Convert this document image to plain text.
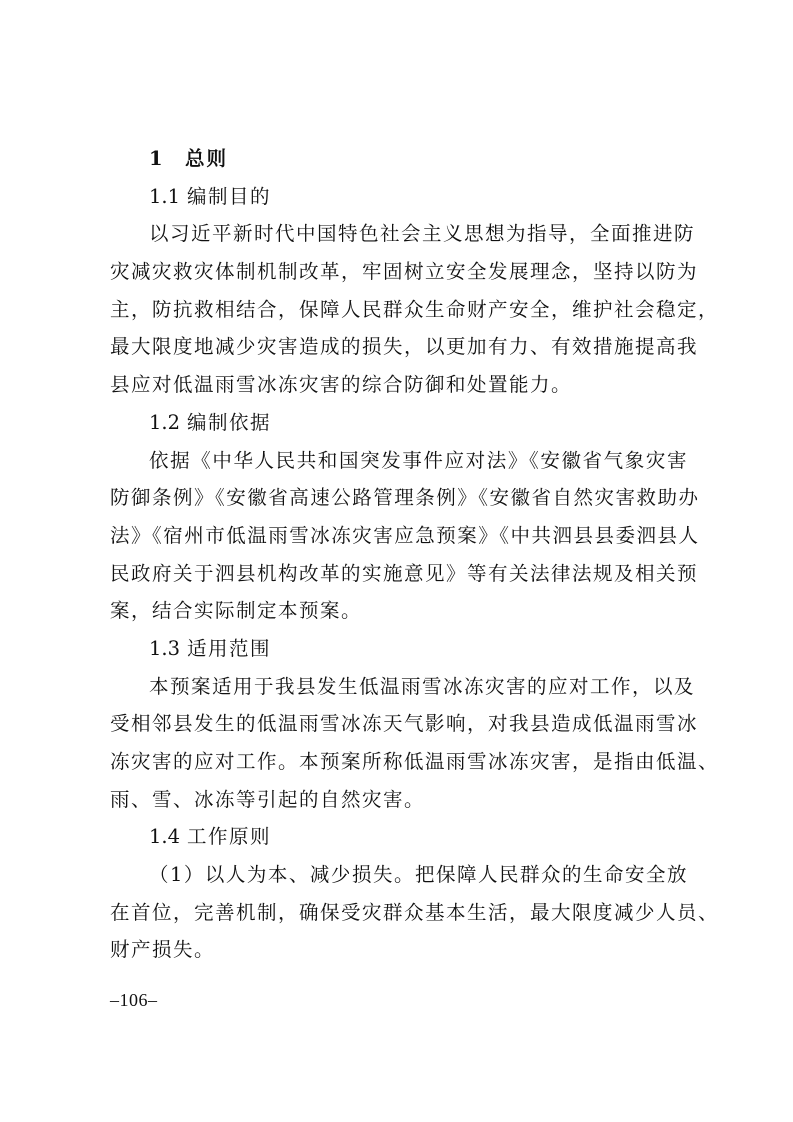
1 总则
1.1 编制目的
以习近平新时代中国特色社会主义思想为指导，全面推进防
灾减灾救灾体制机制改革，牢固树立安全发展理念，坚持以防为
主，防抗救相结合，保障人民群众生命财产安全，维护社会稳定，
最大限度地减少灾害造成的损失，以更加有力、有效措施提高我
县应对低温雨雪冰冻灾害的综合防御和处置能力。
1.2 编制依据
依据《中华人民共和国突发事件应对法》《安徽省气象灾害
防御条例》《安徽省高速公路管理条例》《安徽省自然灾害救助办
法》《宿州市低温雨雪冰冻灾害应急预案》《中共泗县县委泗县人
民政府关于泗县机构改革的实施意见》等有关法律法规及相关预
案，结合实际制定本预案。
1.3 适用范围
本预案适用于我县发生低温雨雪冰冻灾害的应对工作，以及
受相邻县发生的低温雨雪冰冻天气影响，对我县造成低温雨雪冰
冻灾害的应对工作。本预案所称低温雨雪冰冻灾害，是指由低温、
雨、雪、冰冻等引起的自然灾害。
1.4 工作原则
（1）以人为本、减少损失。把保障人民群众的生命安全放
在首位，完善机制，确保受灾群众基本生活，最大限度减少人员、
财产损失。
–106–
